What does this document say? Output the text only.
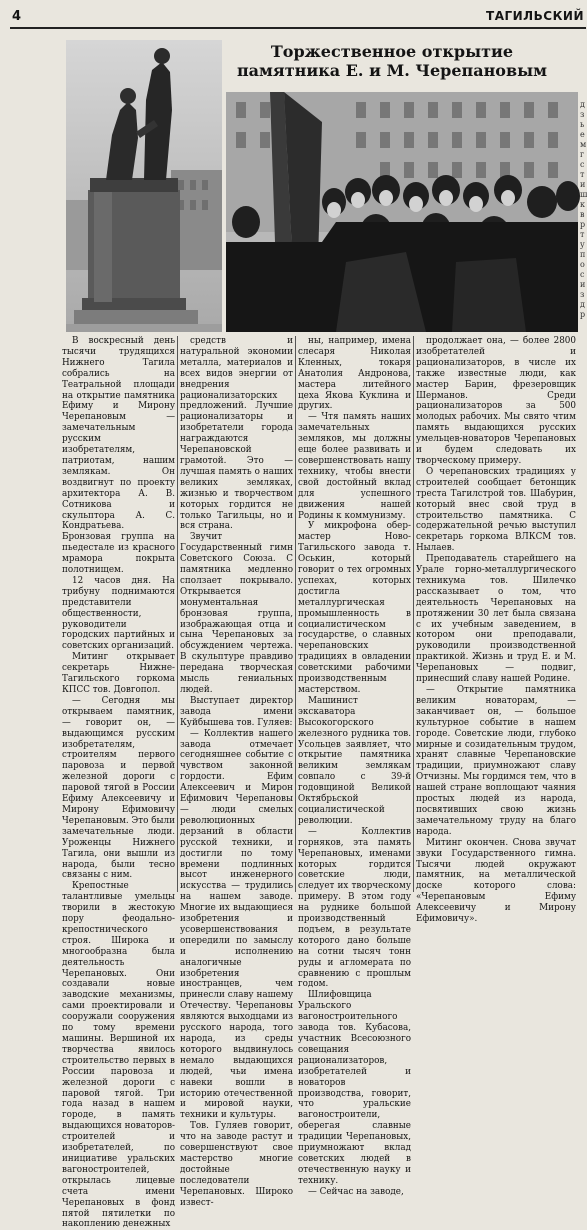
4	ТАГИЛЬСКИЙ
Торжественное открытие памятника Е. и М. Черепановым
д
з
ь
е
м
г
с
т
и
ш
к
в
р
т
у
п
о
с
и
з
д
р

В воскресный день тысячи трудящихся Нижнего Тагила собрались на Театральной площади на открытие памятника Ефиму и Мирону Черепановым — замечательным русским изобретателям, патриотам, нашим землякам. Он воздвигнут по проекту архитектора А. В. Сотникова и скульптора А. С. Кондратьева. Бронзовая группа на пьедестале из красного мрамора покрыта полотнищем.

12 часов дня. На трибуну поднимаются представители общественности, руководители городских партийных и советских организаций.

Митинг открывает секретарь Нижне-Тагильского горкома КПСС тов. Довгопол.

— Сегодня мы открываем памятник, — говорит он, — выдающимся русским изобретателям, строителям первого паровоза и первой железной дороги с паровой тягой в России Ефиму Алексеевичу и Мирону Ефимовичу Черепановым. Это были замечательные люди. Уроженцы Нижнего Тагила, они вышли из народа, были тесно связаны с ним.

Крепостные талантливые умельцы творили в жестокую пору феодально-крепостнического строя. Широка и многообразна была деятельность Черепановых. Они создавали новые заводские механизмы, сами проектировали и сооружали сооружения по тому времени машины. Вершиной их творчества явилось строительство первых в России паровоза и железной дороги с паровой тягой. Три года назад в нашем городе, в память выдающихся новаторов-строителей и изобретателей, по инициативе уральских вагоностроителей, открылась лицевые счета имени Черепановых в фонд пятой пятилетки по накоплению денежных

средств и натуральной экономии металла, материалов и всех видов энергии от внедрения рационализаторских предложений. Лучшие рационализаторы и изобретатели города награждаются Черепановской грамотой. Это — лучшая память о наших великих земляках, жизнью и творчеством которых гордится не только Тагильцы, но и вся страна.

Звучит Государственный гимн Советского Союза. С памятника медленно сползает покрывало. Открывается монументальная бронзовая группа, изображающая отца и сына Черепановых за обсуждением чертежа. В скульптуре правдиво передана творческая мысль гениальных людей.

Выступает директор завода имени Куйбышева тов. Гуляев:

— Коллектив нашего завода отмечает сегодняшнее событие с чувством законной гордости. Ефим Алексеевич и Мирон Ефимович Черепановы — люди смелых революционных дерзаний в области русской техники, и достигли по тому времени подлинных высот инженерного искусства — трудились на нашем заводе. Многие их выдающиеся изобретения и усовершенствования опередили по замыслу и исполнению аналогичные изобретения иностранцев, чем принесли славу нашему Отечеству. Черепановы являются выходцами из русского народа, того народа, из среды которого выдвинулось немало выдающихся людей, чьи имена навеки вошли в историю отечественной и мировой науки, техники и культуры.

Тов. Гуляев говорит, что на заводе растут и совершенствуют свое мастерство многие достойные последователи Черепановых. Широко извест-

ны, например, имена слесаря Николая Кленных, токаря Анатолия Андронова, мастера литейного цеха Якова Куклина и других.

— Чтя память наших замечательных земляков, мы должны еще более развивать и совершенствовать нашу технику, чтобы внести свой достойный вклад для успешного движения нашей Родины к коммунизму.

У микрофона обер-мастер Ново-Тагильского завода т. Оськин, который говорит о тех огромных успехах, которых достигла металлургическая промышленность в социалистическом государстве, о славных черепановских традициях в овладении советскими рабочими производственным мастерством.

Машинист экскаватора Высокогорского железного рудника тов. Усольцев заявляет, что открытие памятника великим землякам совпало с 39-й годовщиной Великой Октябрьской социалистической революции.

— Коллектив горняков, эта память Черепановых, именами которых гордится советские люди, следует их творческому примеру. В этом году на руднике большой производственный подъем, в результате которого дано больше на сотни тысяч тонн руды и агломерата по сравнению с прошлым годом.

Шлифовщица Уральского вагоностроительного завода тов. Кубасова, участник Всесоюзного совещания рационализаторов, изобретателей и новаторов производства, говорит, что уральские вагоностроители, оберегая славные традиции Черепановых, приумножают вклад советских людей в отечественную науку и технику.

— Сейчас на заводе,

продолжает она, — более 2800 изобретателей и рационализаторов, в числе их также известные люди, как мастер Барин, фрезеровщик Шерманов. Среди рационализаторов за 500 молодых рабочих. Мы свято чтим память выдающихся русских умельцев-новаторов Черепановых и будем следовать их творческому примеру.

О черепановских традициях у строителей сообщает бетонщик треста Тагилстрой тов. Шабурин, который внес свой труд в строительство памятника. С содержательной речью выступил секретарь горкома ВЛКСМ тов. Нылаев.

Преподаватель старейшего на Урале горно-металлургического техникума тов. Шилечко рассказывает о том, что деятельность Черепановых на протяжении 30 лет была связана с их учебным заведением, в котором они преподавали, руководили производственной практикой. Жизнь и труд Е. и М. Черепановых — подвиг, принесший славу нашей Родине.

— Открытие памятника великим новаторам, — заканчивает он, — большое культурное событие в нашем городе. Советские люди, глубоко мирные и созидательным трудом, хранят славные Черепановские традиции, приумножают славу Отчизны. Мы гордимся тем, что в нашей стране воплощают чаяния простых людей из народа, посвятивших свою жизнь замечательному труду на благо народа.

Митинг окончен. Снова звучат звуки Государственного гимна. Тысячи людей окружают памятник, на металлической доске которого слова: «Черепановым Ефиму Алексеевичу и Мирону Ефимовичу».
